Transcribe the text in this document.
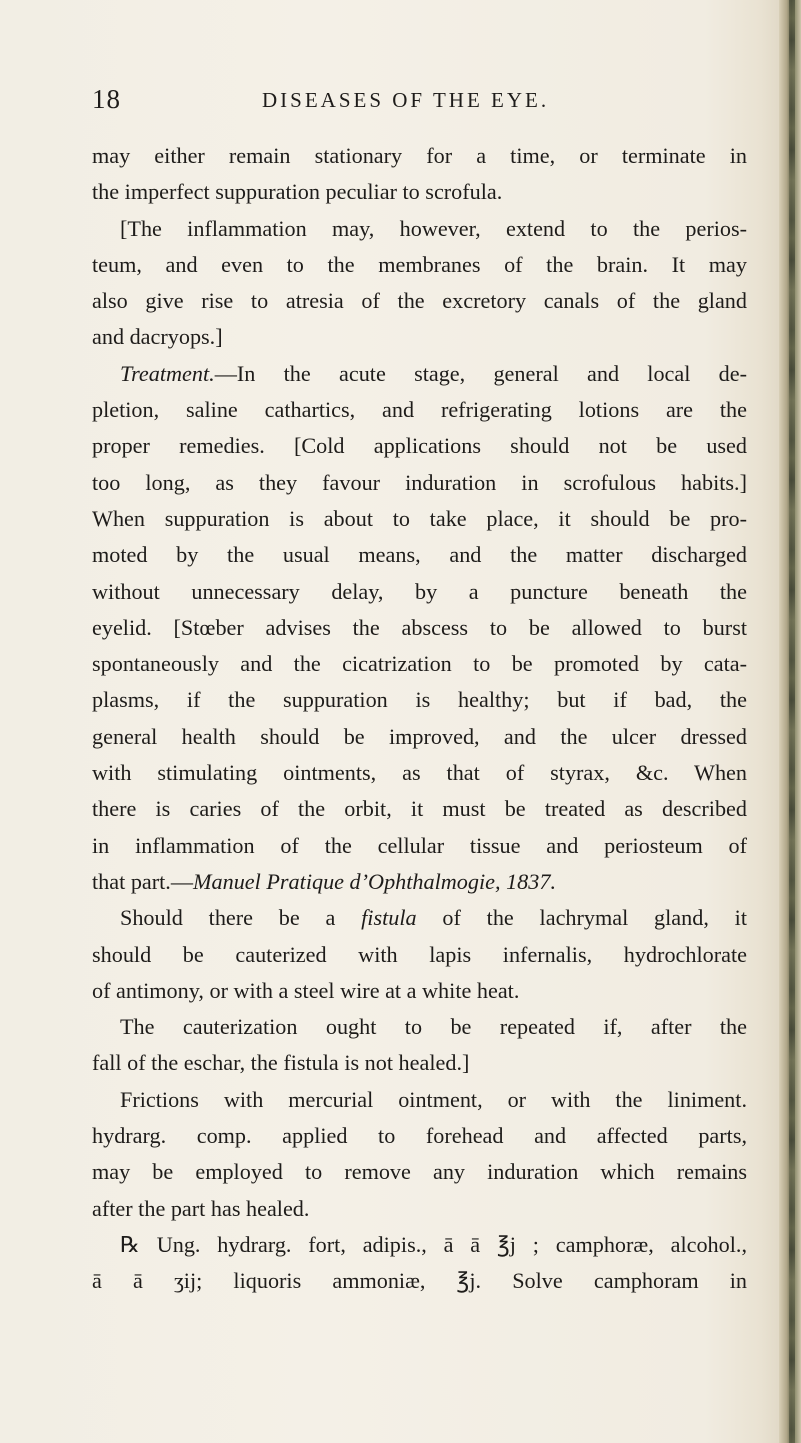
18	DISEASES OF THE EYE.
may either remain stationary for a time, or terminate in
the imperfect suppuration peculiar to scrofula.
[The inflammation may, however, extend to the perios-
teum, and even to the membranes of the brain. It may
also give rise to atresia of the excretory canals of the gland
and dacryops.]
Treatment.—In the acute stage, general and local de-
pletion, saline cathartics, and refrigerating lotions are the
proper remedies. [Cold applications should not be used
too long, as they favour induration in scrofulous habits.]
When suppuration is about to take place, it should be pro-
moted by the usual means, and the matter discharged
without unnecessary delay, by a puncture beneath the
eyelid. [Stœber advises the abscess to be allowed to burst
spontaneously and the cicatrization to be promoted by cata-
plasms, if the suppuration is healthy; but if bad, the
general health should be improved, and the ulcer dressed
with stimulating ointments, as that of styrax, &c. When
there is caries of the orbit, it must be treated as described
in inflammation of the cellular tissue and periosteum of
that part.—Manuel Pratique d’Ophthalmogie, 1837.
Should there be a fistula of the lachrymal gland, it
should be cauterized with lapis infernalis, hydrochlorate
of antimony, or with a steel wire at a white heat.
The cauterization ought to be repeated if, after the
fall of the eschar, the fistula is not healed.]
Frictions with mercurial ointment, or with the liniment.
hydrarg. comp. applied to forehead and affected parts,
may be employed to remove any induration which remains
after the part has healed.
℞ Ung. hydrarg. fort, adipis., ā ā ℥j ; camphoræ, alcohol.,
ā ā ʒij; liquoris ammoniæ, ℥j. Solve camphoram in
